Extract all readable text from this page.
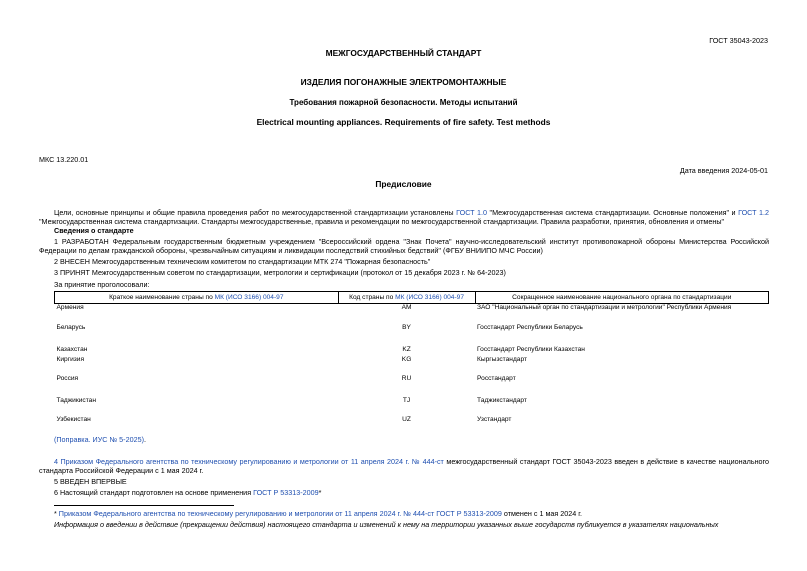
ГОСТ 35043-2023
МЕЖГОСУДАРСТВЕННЫЙ СТАНДАРТ
ИЗДЕЛИЯ ПОГОНАЖНЫЕ ЭЛЕКТРОМОНТАЖНЫЕ
Требования пожарной безопасности. Методы испытаний
Electrical mounting appliances. Requirements of fire safety. Test methods
МКС 13.220.01
Дата введения 2024-05-01
Предисловие
Цели, основные принципы и общие правила проведения работ по межгосударственной стандартизации установлены ГОСТ 1.0 "Межгосударственная система стандартизации. Основные положения" и ГОСТ 1.2 "Межгосударственная система стандартизации. Стандарты межгосударственные, правила и рекомендации по межгосударственной стандартизации. Правила разработки, принятия, обновления и отмены"
Сведения о стандарте
1 РАЗРАБОТАН Федеральным государственным бюджетным учреждением "Всероссийский ордена "Знак Почета" научно-исследовательский институт противопожарной обороны Министерства Российской Федерации по делам гражданской обороны, чрезвычайным ситуациям и ликвидации последствий стихийных бедствий" (ФГБУ ВНИИПО МЧС России)
2 ВНЕСЕН Межгосударственным техническим комитетом по стандартизации МТК 274 "Пожарная безопасность"
3 ПРИНЯТ Межгосударственным советом по стандартизации, метрологии и сертификации (протокол от 15 декабря 2023 г. № 64-2023)
За принятие проголосовали:
Краткое наименование страны по МК (ИСО 3166) 004-97	Код страны по МК (ИСО 3166) 004-97	Сокращенное наименование национального органа по стандартизации
Армения	AM	ЗАО "Национальный орган по стандартизации и метрологии" Республики Армения
Беларусь	BY	Госстандарт Республики Беларусь
Казахстан	KZ	Госстандарт Республики Казахстан
Киргизия	KG	Кыргызстандарт
Россия	RU	Росстандарт
Таджикистан	TJ	Таджикстандарт
Узбекистан	UZ	Узстандарт
(Поправка. ИУС № 5-2025).
4 Приказом Федерального агентства по техническому регулированию и метрологии от 11 апреля 2024 г. № 444-ст межгосударственный стандарт ГОСТ 35043-2023 введен в действие в качестве национального стандарта Российской Федерации с 1 мая 2024 г.
5 ВВЕДЕН ВПЕРВЫЕ
6 Настоящий стандарт подготовлен на основе применения ГОСТ Р 53313-2009*
* Приказом Федерального агентства по техническому регулированию и метрологии от 11 апреля 2024 г. № 444-ст ГОСТ Р 53313-2009 отменен с 1 мая 2024 г.
Информация о введении в действие (прекращении действия) настоящего стандарта и изменений к нему на территории указанных выше государств публикуется в указателях национальных
